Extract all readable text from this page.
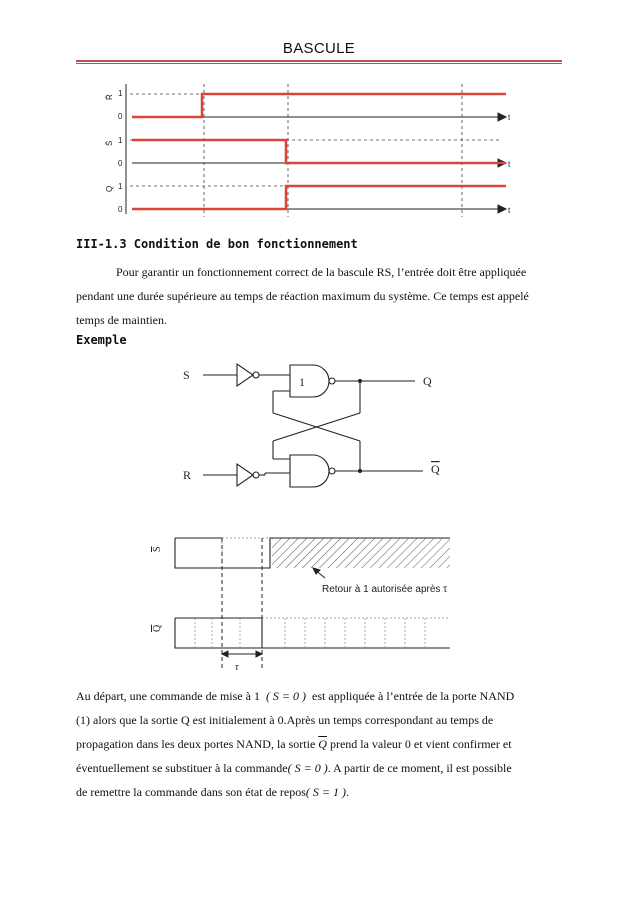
BASCULE
R̄
S̄
Q
1
0
1
0
1
0
t
t
t
III-1.3 Condition de bon fonctionnement
Pour garantir un fonctionnement correct de la bascule RS, l’entrée doit être appliquée
pendant une durée supérieure au temps de réaction maximum du système. Ce temps est appelé
temps de maintien.
Exemple
S
R
Q
Q
1
S
Q
τ
Retour à 1 autorisée après τ
Au départ, une commande de mise à 1 ( S = 0 ) est appliquée à l’entrée de la porte NAND
(1) alors que la sortie Q est initialement à 0.Après un temps correspondant au temps de
propagation dans les deux portes NAND, la sortie $\overline{Q}$ prend la valeur 0 et vient confirmer et
éventuellement se substituer à la commande( S = 0 ). A partir de ce moment, il est possible
de remettre la commande dans son état de repos( S = 1 ).
